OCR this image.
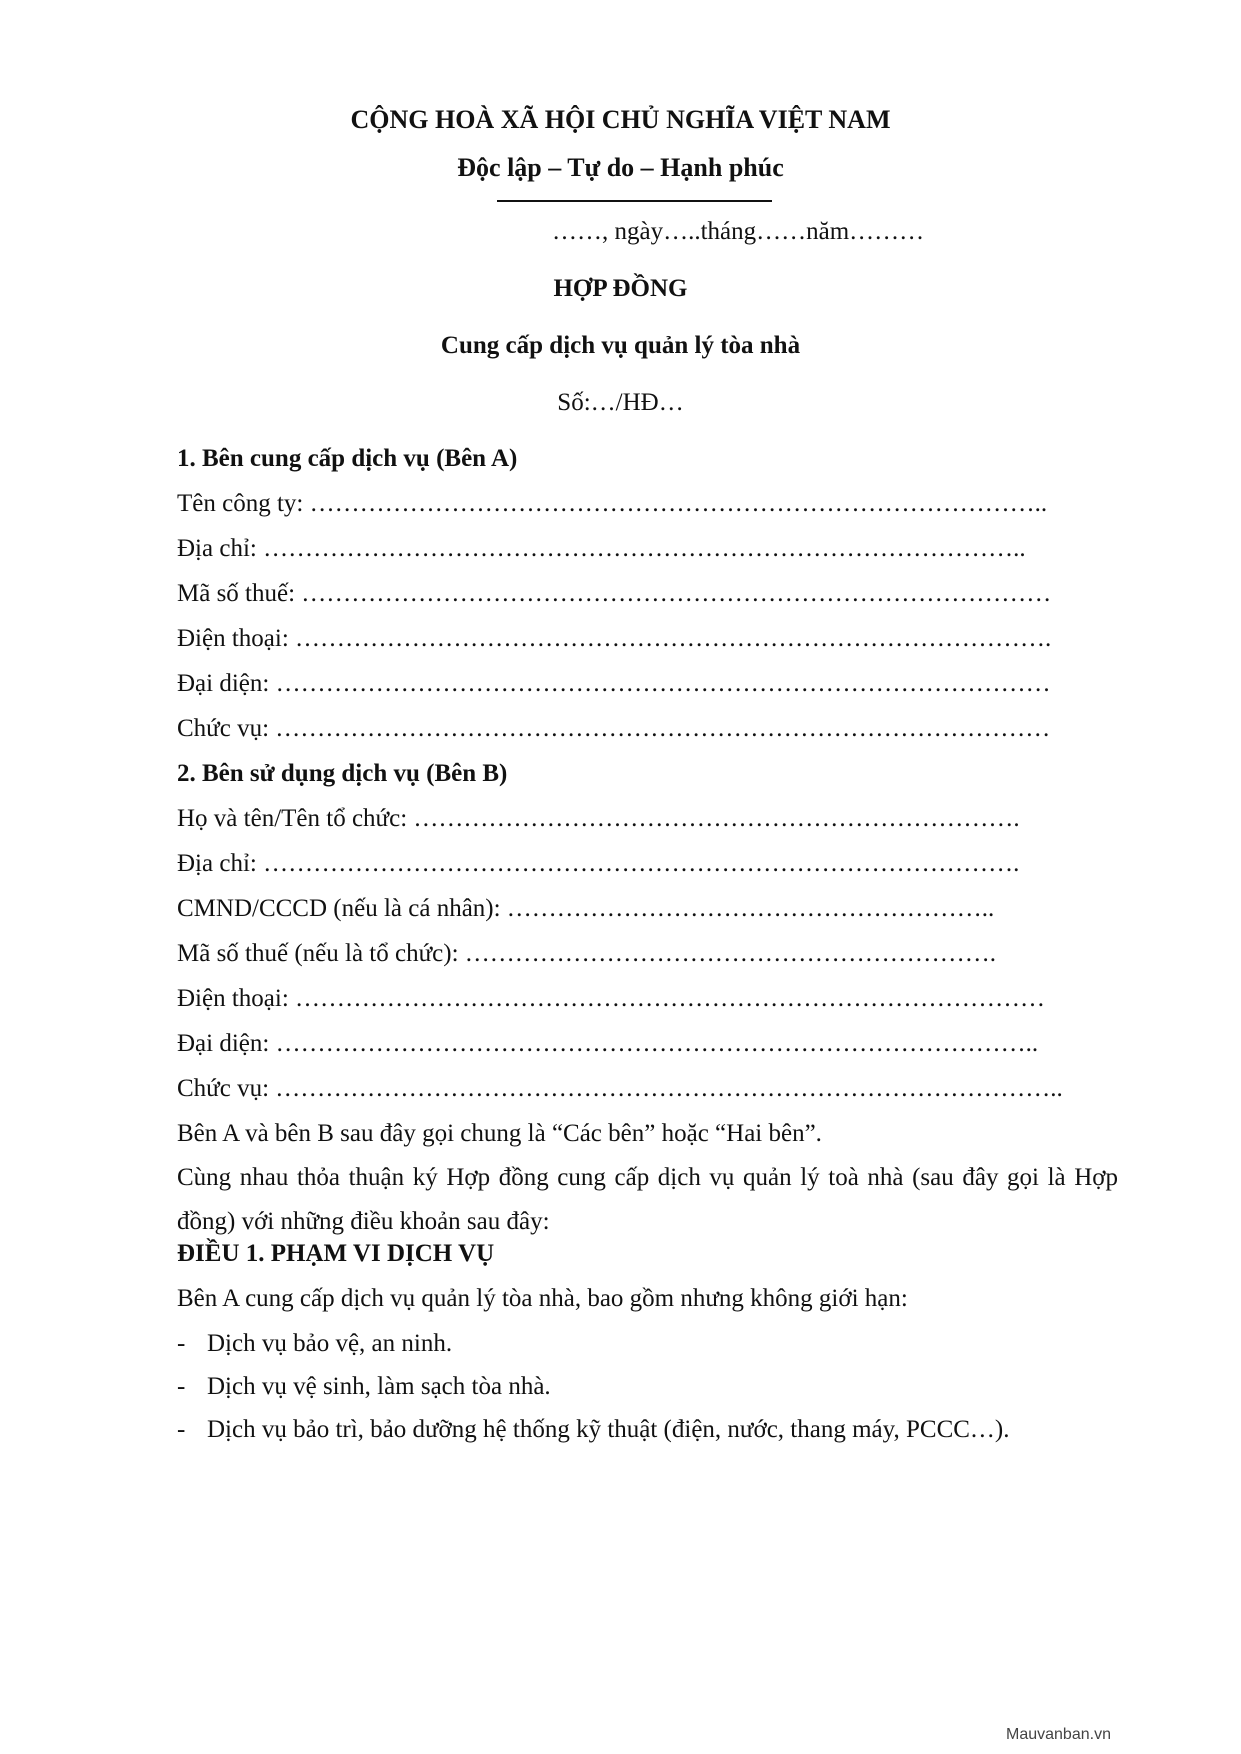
CỘNG HOÀ XÃ HỘI CHỦ NGHĨA VIỆT NAM
Độc lập – Tự do – Hạnh phúc
……, ngày…..tháng……năm………
HỢP ĐỒNG
Cung cấp dịch vụ quản lý tòa nhà
Số:…/HĐ…
1. Bên cung cấp dịch vụ (Bên A)
Tên công ty: ……………………………………………………………………………..
Địa chỉ: ………………………………………………………………………………..
Mã số thuế: ………………………………………………………………………………
Điện thoại: ……………………………………………………………………………….
Đại diện: …………………………………………………………………………………
Chức vụ: …………………………………………………………………………………
2. Bên sử dụng dịch vụ (Bên B)
Họ và tên/Tên tổ chức: ……………………………………………………………….
Địa chỉ: ……………………………………………………………………………….
CMND/CCCD (nếu là cá nhân): …………………………………………………..
Mã số thuế (nếu là tổ chức): ……………………………………………………….
Điện thoại: ………………………………………………………………………………
Đại diện: ………………………………………………………………………………..
Chức vụ: …………………………………………………………………………………..
Bên A và bên B sau đây gọi chung là “Các bên” hoặc “Hai bên”.
Cùng nhau thỏa thuận ký Hợp đồng cung cấp dịch vụ quản lý toà nhà (sau đây gọi là Hợp đồng) với những điều khoản sau đây:
ĐIỀU 1. PHẠM VI DỊCH VỤ
Bên A cung cấp dịch vụ quản lý tòa nhà, bao gồm nhưng không giới hạn:
- Dịch vụ bảo vệ, an ninh.
- Dịch vụ vệ sinh, làm sạch tòa nhà.
- Dịch vụ bảo trì, bảo dưỡng hệ thống kỹ thuật (điện, nước, thang máy, PCCC…).
Mauvanban.vn
